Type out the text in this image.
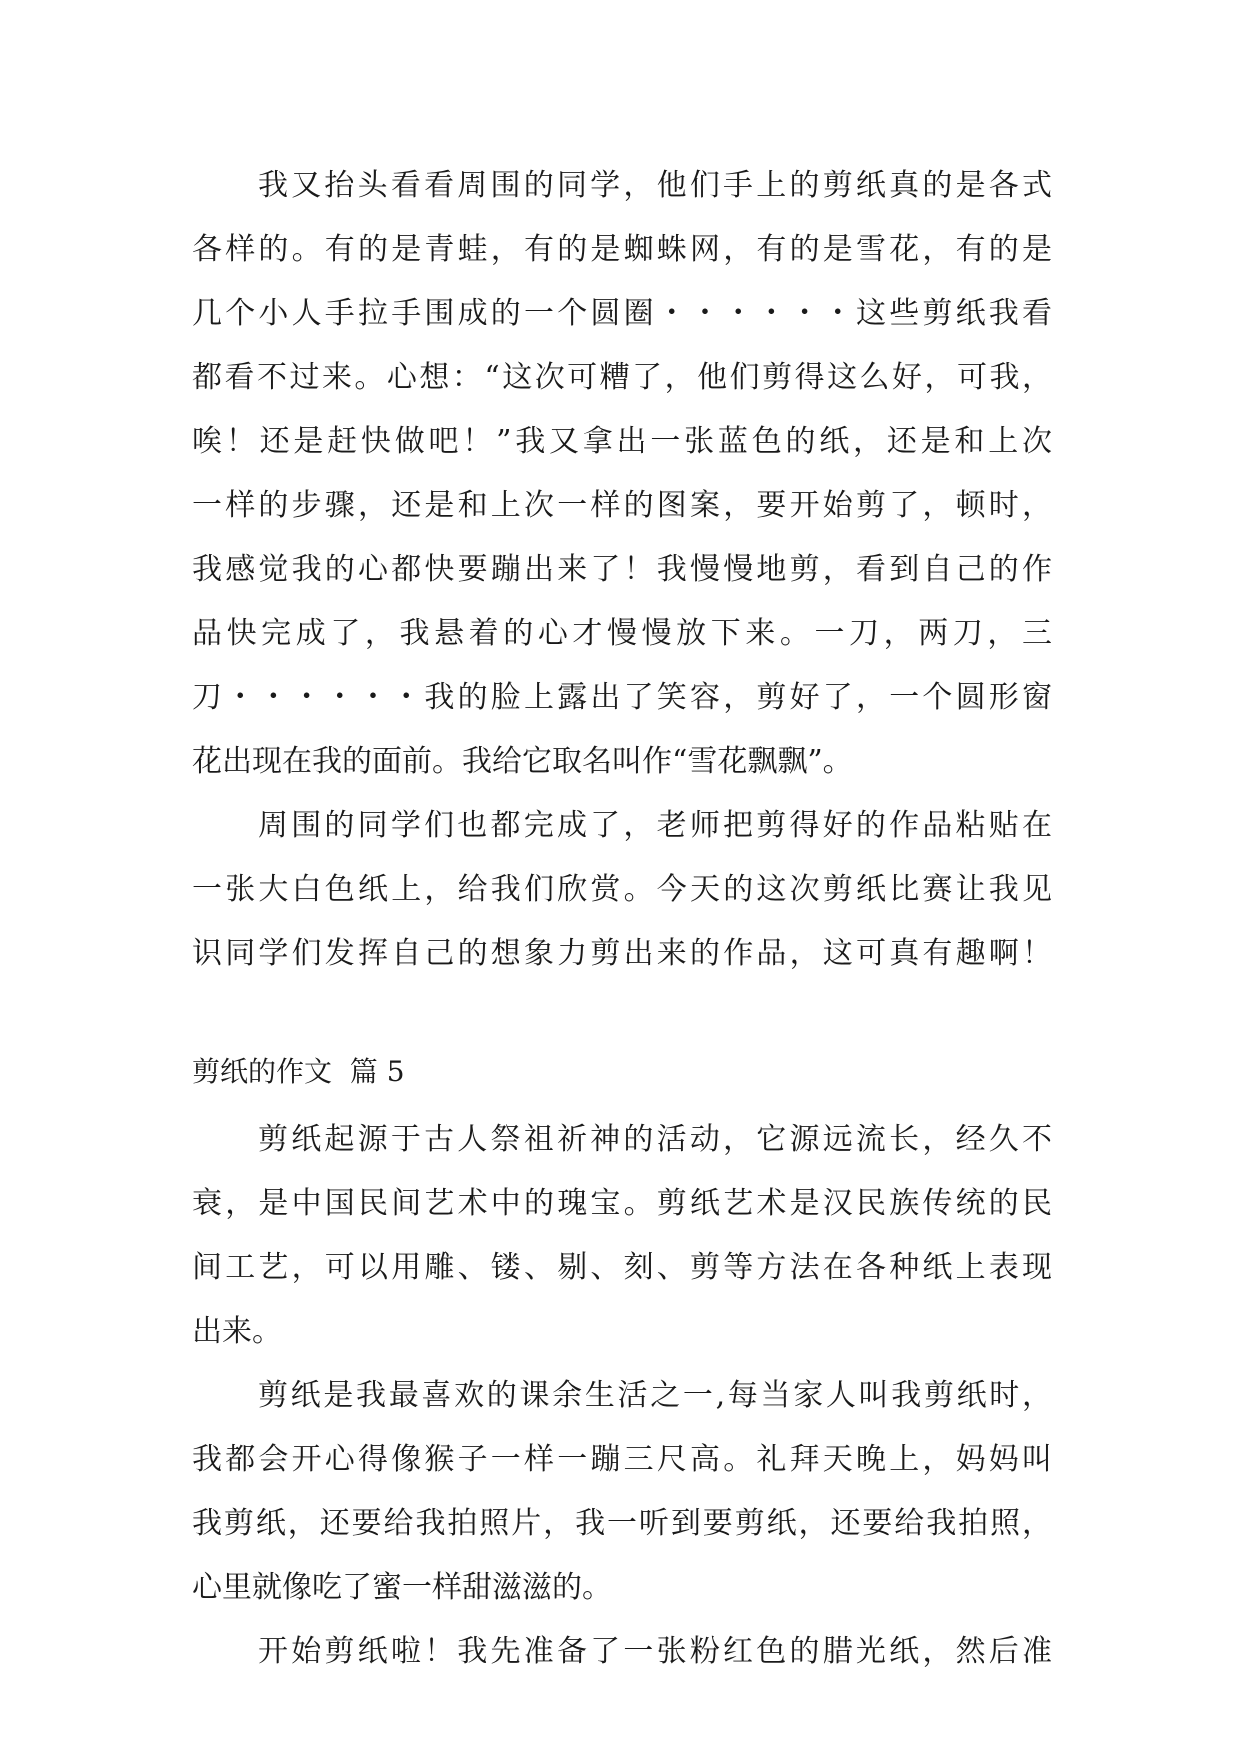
我又抬头看看周围的同学，他们手上的剪纸真的是各式
各样的。有的是青蛙，有的是蜘蛛网，有的是雪花，有的是
几个小人手拉手围成的一个圆圈・・・・・・这些剪纸我看
都看不过来。心想：“这次可糟了，他们剪得这么好，可我，
唉！还是赶快做吧！”我又拿出一张蓝色的纸，还是和上次
一样的步骤，还是和上次一样的图案，要开始剪了，顿时，
我感觉我的心都快要蹦出来了！我慢慢地剪，看到自己的作
品快完成了，我悬着的心才慢慢放下来。一刀，两刀，三
刀・・・・・・我的脸上露出了笑容，剪好了，一个圆形窗
花出现在我的面前。我给它取名叫作“雪花飘飘”。
周围的同学们也都完成了，老师把剪得好的作品粘贴在
一张大白色纸上，给我们欣赏。今天的这次剪纸比赛让我见
识同学们发挥自己的想象力剪出来的作品，这可真有趣啊！
剪纸的作文  篇 5
剪纸起源于古人祭祖祈神的活动，它源远流长，经久不
衰，是中国民间艺术中的瑰宝。剪纸艺术是汉民族传统的民
间工艺，可以用雕、镂、剔、刻、剪等方法在各种纸上表现
出来。
剪纸是我最喜欢的课余生活之一,每当家人叫我剪纸时，
我都会开心得像猴子一样一蹦三尺高。礼拜天晚上，妈妈叫
我剪纸，还要给我拍照片，我一听到要剪纸，还要给我拍照，
心里就像吃了蜜一样甜滋滋的。
开始剪纸啦！我先准备了一张粉红色的腊光纸，然后准
